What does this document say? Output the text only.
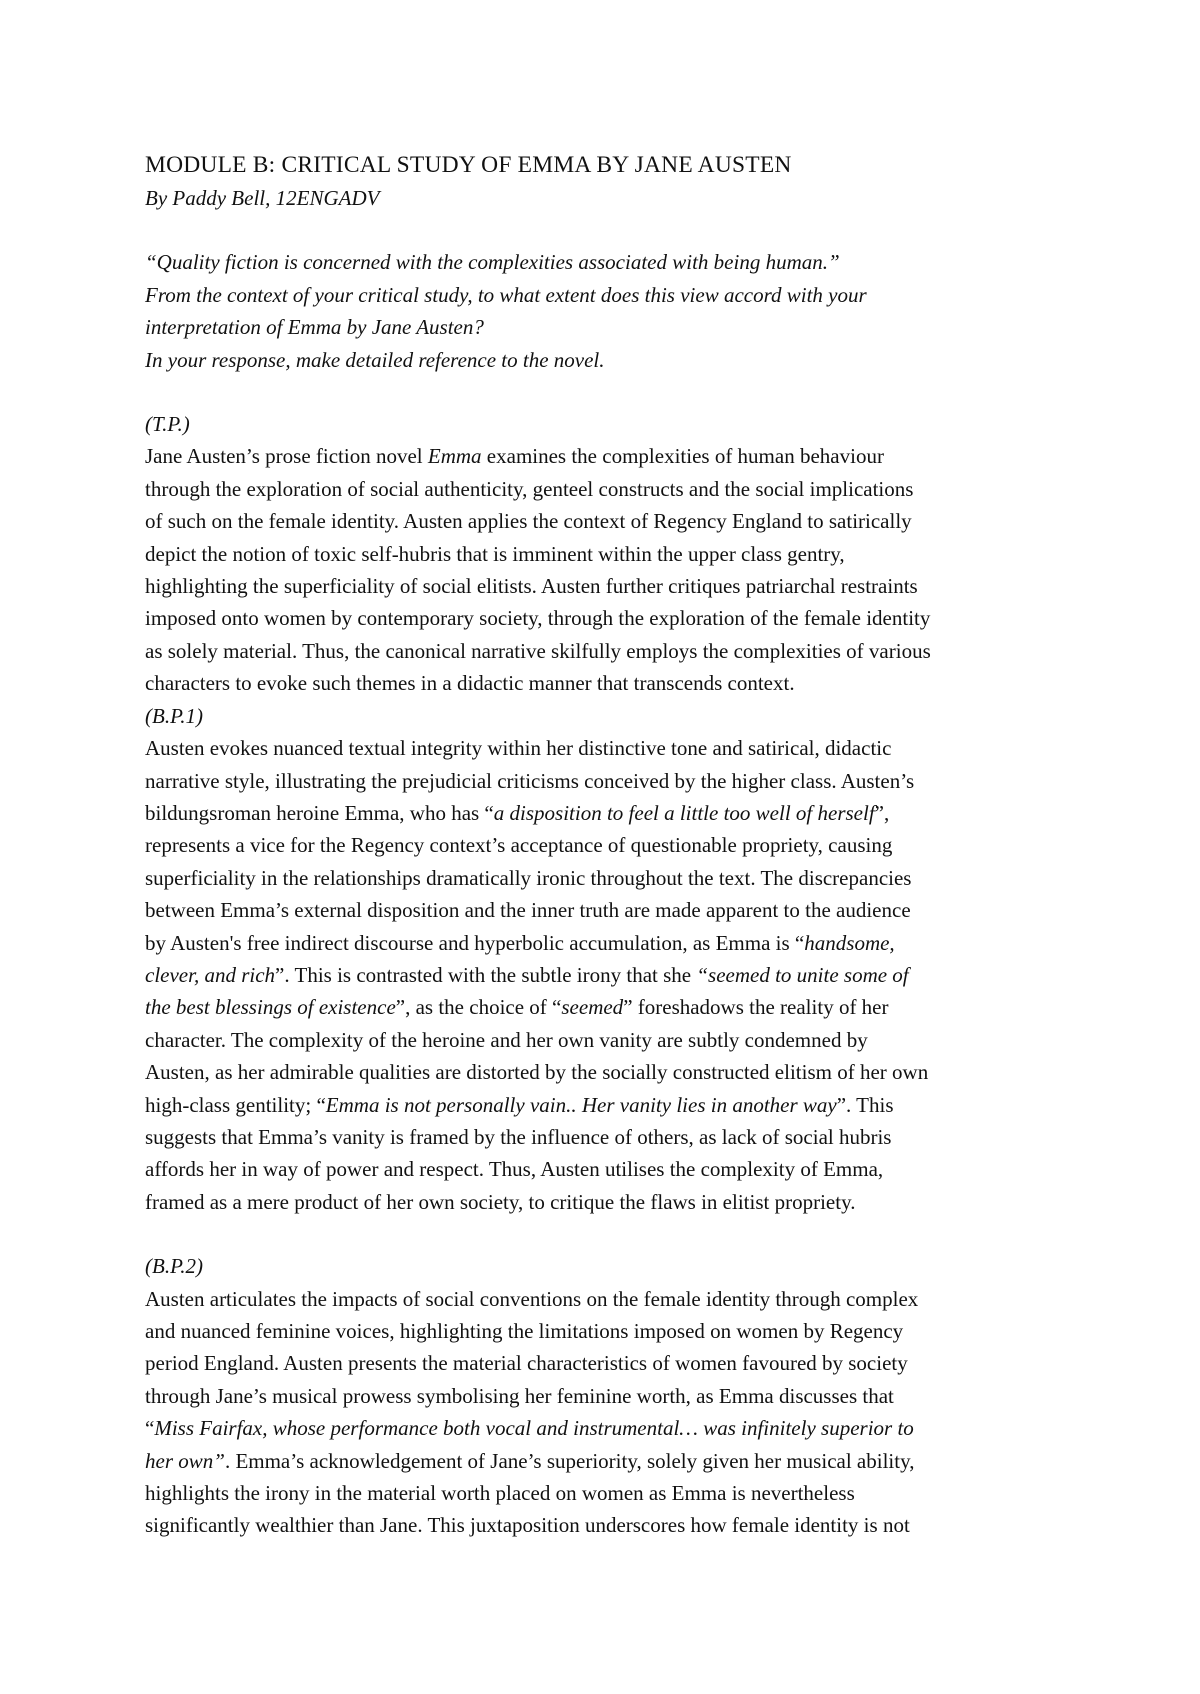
MODULE B: CRITICAL STUDY OF EMMA BY JANE AUSTEN

By Paddy Bell, 12ENGADV

“Quality fiction is concerned with the complexities associated with being human.”
From the context of your critical study, to what extent does this view accord with your
interpretation of Emma by Jane Austen?
In your response, make detailed reference to the novel.

(T.P.)

Jane Austen’s prose fiction novel Emma examines the complexities of human behaviour
through the exploration of social authenticity, genteel constructs and the social implications
of such on the female identity. Austen applies the context of Regency England to satirically
depict the notion of toxic self-hubris that is imminent within the upper class gentry,
highlighting the superficiality of social elitists. Austen further critiques patriarchal restraints
imposed onto women by contemporary society, through the exploration of the female identity
as solely material. Thus, the canonical narrative skilfully employs the complexities of various
characters to evoke such themes in a didactic manner that transcends context.

(B.P.1)

Austen evokes nuanced textual integrity within her distinctive tone and satirical, didactic
narrative style, illustrating the prejudicial criticisms conceived by the higher class. Austen’s
bildungsroman heroine Emma, who has “a disposition to feel a little too well of herself”,
represents a vice for the Regency context’s acceptance of questionable propriety, causing
superficiality in the relationships dramatically ironic throughout the text. The discrepancies
between Emma’s external disposition and the inner truth are made apparent to the audience
by Austen's free indirect discourse and hyperbolic accumulation, as Emma is “handsome,
clever, and rich”. This is contrasted with the subtle irony that she “seemed to unite some of
the best blessings of existence”, as the choice of “seemed” foreshadows the reality of her
character. The complexity of the heroine and her own vanity are subtly condemned by
Austen, as her admirable qualities are distorted by the socially constructed elitism of her own
high-class gentility; “Emma is not personally vain.. Her vanity lies in another way”. This
suggests that Emma’s vanity is framed by the influence of others, as lack of social hubris
affords her in way of power and respect. Thus, Austen utilises the complexity of Emma,
framed as a mere product of her own society, to critique the flaws in elitist propriety.

(B.P.2)

Austen articulates the impacts of social conventions on the female identity through complex
and nuanced feminine voices, highlighting the limitations imposed on women by Regency
period England. Austen presents the material characteristics of women favoured by society
through Jane’s musical prowess symbolising her feminine worth, as Emma discusses that
“Miss Fairfax, whose performance both vocal and instrumental… was infinitely superior to
her own”. Emma’s acknowledgement of Jane’s superiority, solely given her musical ability,
highlights the irony in the material worth placed on women as Emma is nevertheless
significantly wealthier than Jane. This juxtaposition underscores how female identity is not
